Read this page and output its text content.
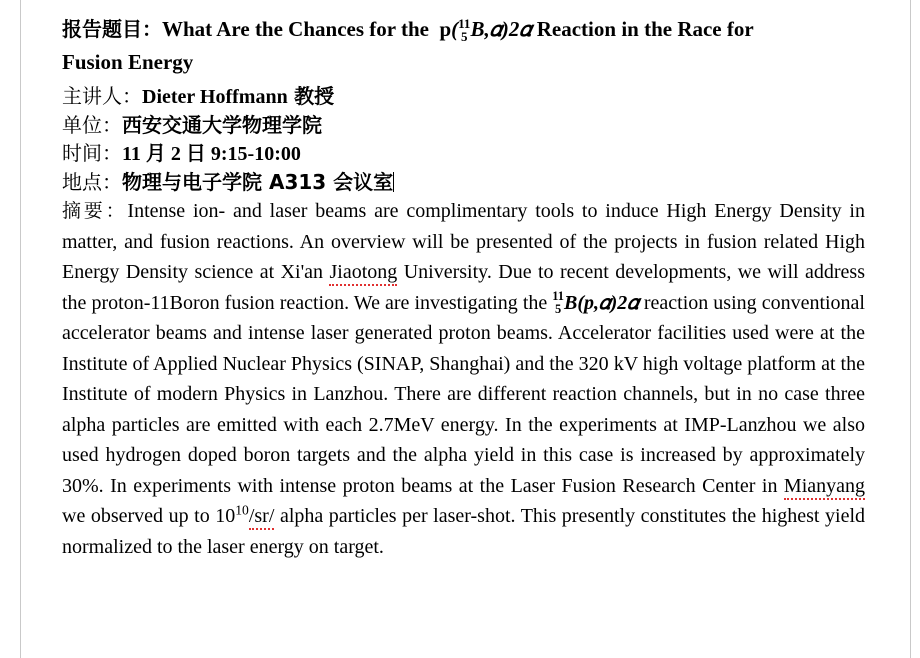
报告题目：What Are the Chances for the p( 11
5 B,𝛼)2𝛼 Reaction in the Race for

Fusion Energy

主讲人：Dieter Hoffmann 教授

单位：西安交通大学物理学院

时间：11 月 2 日 9:15-10:00

地点：物理与电子学院 A313 会议室

摘要：Intense ion- and laser beams are complimentary tools to induce High Energy Density in matter, and fusion reactions. An overview will be presented of the projects in fusion related High Energy Density science at Xi'an Jiaotong University. Due to recent developments, we will address the proton-11Boron fusion reaction. We are investigating the 11
5 B(p,𝛼)2𝛼 reaction using conventional accelerator beams and intense laser generated proton beams. Accelerator facilities used were at the Institute of Applied Nuclear Physics (SINAP, Shanghai) and the 320 kV high voltage platform at the Institute of modern Physics in Lanzhou. There are different reaction channels, but in no case three alpha particles are emitted with each 2.7MeV energy. In the experiments at IMP-Lanzhou we also used hydrogen doped boron targets and the alpha yield in this case is increased by approximately 30%. In experiments with intense proton beams at the Laser Fusion Research Center in Mianyang we observed up to $10^{10}/sr/$ alpha particles per laser-shot. This presently constitutes the highest yield normalized to the laser energy on target.
